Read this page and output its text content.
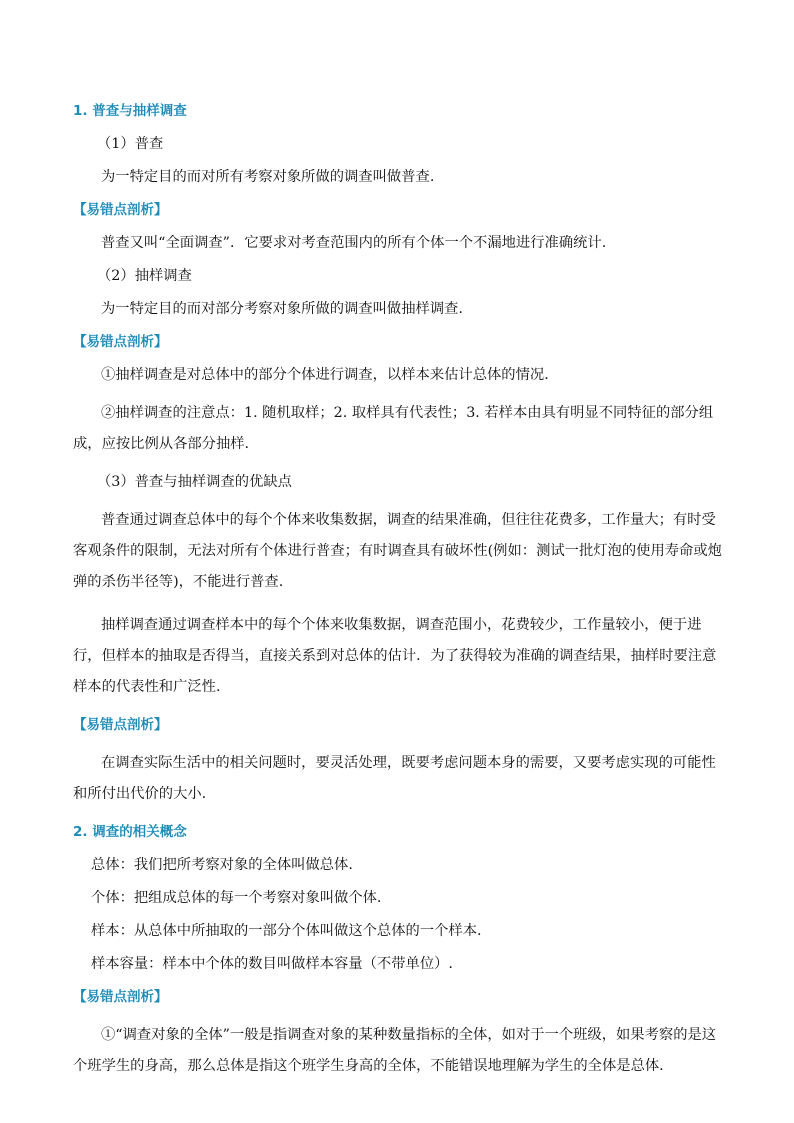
1. 普查与抽样调查

（1）普查

为一特定目的而对所有考察对象所做的调查叫做普查.

【易错点剖析】

普查又叫“全面调查”．它要求对考查范围内的所有个体一个不漏地进行准确统计.

（2）抽样调查

为一特定目的而对部分考察对象所做的调查叫做抽样调查.

【易错点剖析】

①抽样调查是对总体中的部分个体进行调查，以样本来估计总体的情况.

②抽样调查的注意点：1. 随机取样；2. 取样具有代表性；3. 若样本由具有明显不同特征的部分组成，应按比例从各部分抽样.

（3）普查与抽样调查的优缺点

普查通过调查总体中的每个个体来收集数据，调查的结果准确，但往往花费多，工作量大；有时受客观条件的限制，无法对所有个体进行普查；有时调查具有破坏性(例如：测试一批灯泡的使用寿命或炮弹的杀伤半径等)，不能进行普查.

抽样调查通过调查样本中的每个个体来收集数据，调查范围小，花费较少，工作量较小，便于进行，但样本的抽取是否得当，直接关系到对总体的估计．为了获得较为准确的调查结果，抽样时要注意样本的代表性和广泛性.

【易错点剖析】

在调查实际生活中的相关问题时，要灵活处理，既要考虑问题本身的需要，又要考虑实现的可能性和所付出代价的大小.

2. 调查的相关概念

总体：我们把所考察对象的全体叫做总体.

个体：把组成总体的每一个考察对象叫做个体.

样本：从总体中所抽取的一部分个体叫做这个总体的一个样本.

样本容量：样本中个体的数目叫做样本容量（不带单位）.

【易错点剖析】

①“调查对象的全体”一般是指调查对象的某种数量指标的全体，如对于一个班级，如果考察的是这个班学生的身高，那么总体是指这个班学生身高的全体，不能错误地理解为学生的全体是总体.
